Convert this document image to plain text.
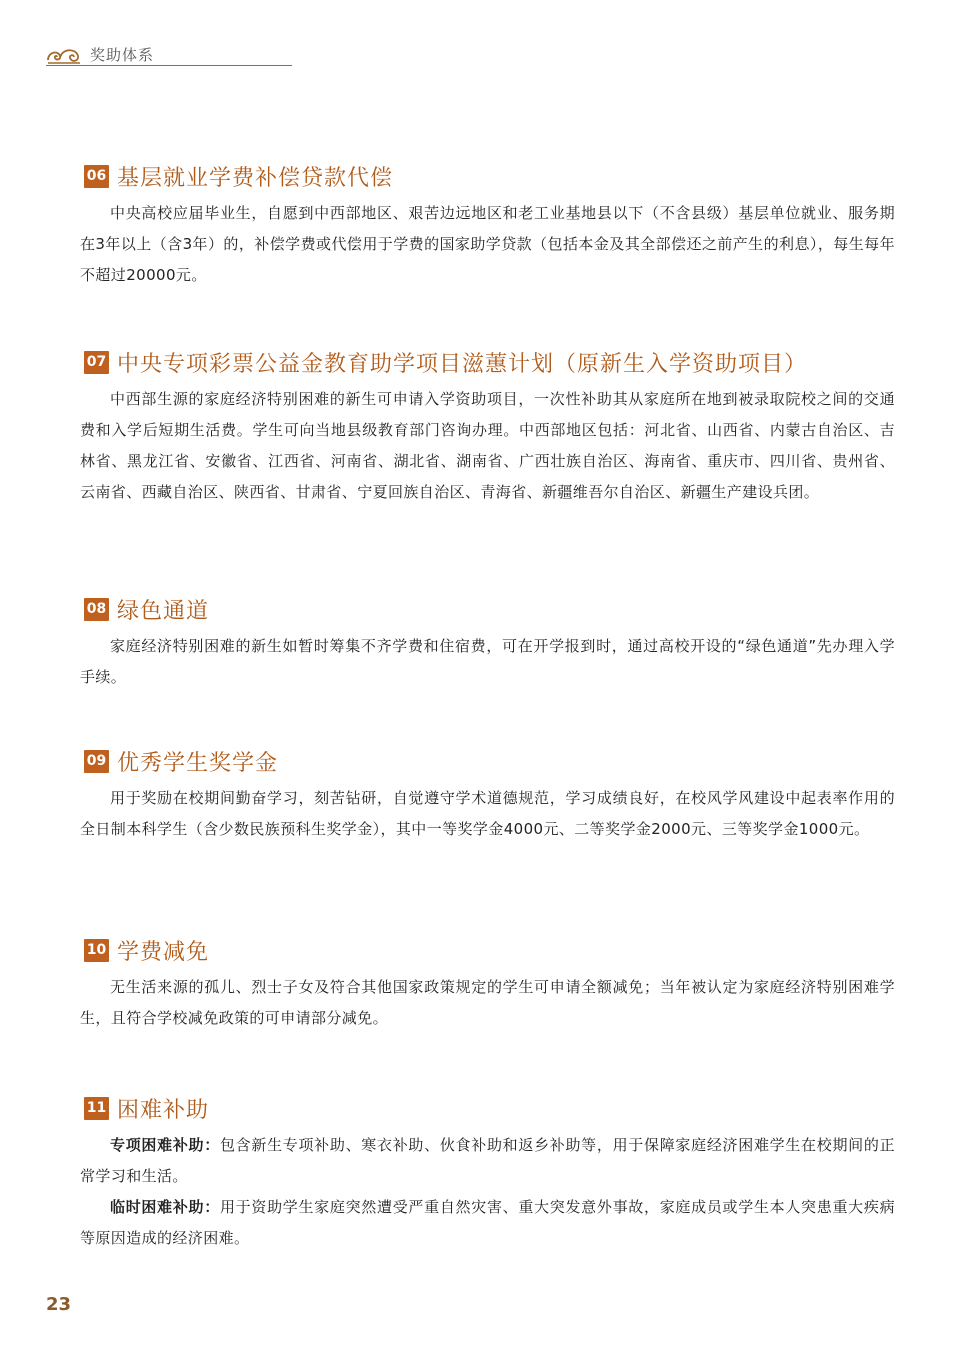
奖助体系
06 基层就业学费补偿贷款代偿

中央高校应届毕业生，自愿到中西部地区、艰苦边远地区和老工业基地县以下（不含县级）基层单位就业、服务期在3年以上（含3年）的，补偿学费或代偿用于学费的国家助学贷款（包括本金及其全部偿还之前产生的利息），每生每年不超过20000元。

07 中央专项彩票公益金教育助学项目滋蕙计划（原新生入学资助项目）

中西部生源的家庭经济特别困难的新生可申请入学资助项目，一次性补助其从家庭所在地到被录取院校之间的交通费和入学后短期生活费。学生可向当地县级教育部门咨询办理。中西部地区包括：河北省、山西省、内蒙古自治区、吉林省、黑龙江省、安徽省、江西省、河南省、湖北省、湖南省、广西壮族自治区、海南省、重庆市、四川省、贵州省、云南省、西藏自治区、陕西省、甘肃省、宁夏回族自治区、青海省、新疆维吾尔自治区、新疆生产建设兵团。

08 绿色通道

家庭经济特别困难的新生如暂时筹集不齐学费和住宿费，可在开学报到时，通过高校开设的“绿色通道”先办理入学手续。

09 优秀学生奖学金

用于奖励在校期间勤奋学习，刻苦钻研，自觉遵守学术道德规范，学习成绩良好，在校风学风建设中起表率作用的全日制本科学生（含少数民族预科生奖学金），其中一等奖学金4000元、二等奖学金2000元、三等奖学金1000元。

10 学费减免

无生活来源的孤儿、烈士子女及符合其他国家政策规定的学生可申请全额减免；当年被认定为家庭经济特别困难学生，且符合学校减免政策的可申请部分减免。

11 困难补助

专项困难补助：包含新生专项补助、寒衣补助、伙食补助和返乡补助等，用于保障家庭经济困难学生在校期间的正常学习和生活。

临时困难补助：用于资助学生家庭突然遭受严重自然灾害、重大突发意外事故，家庭成员或学生本人突患重大疾病等原因造成的经济困难。

23
